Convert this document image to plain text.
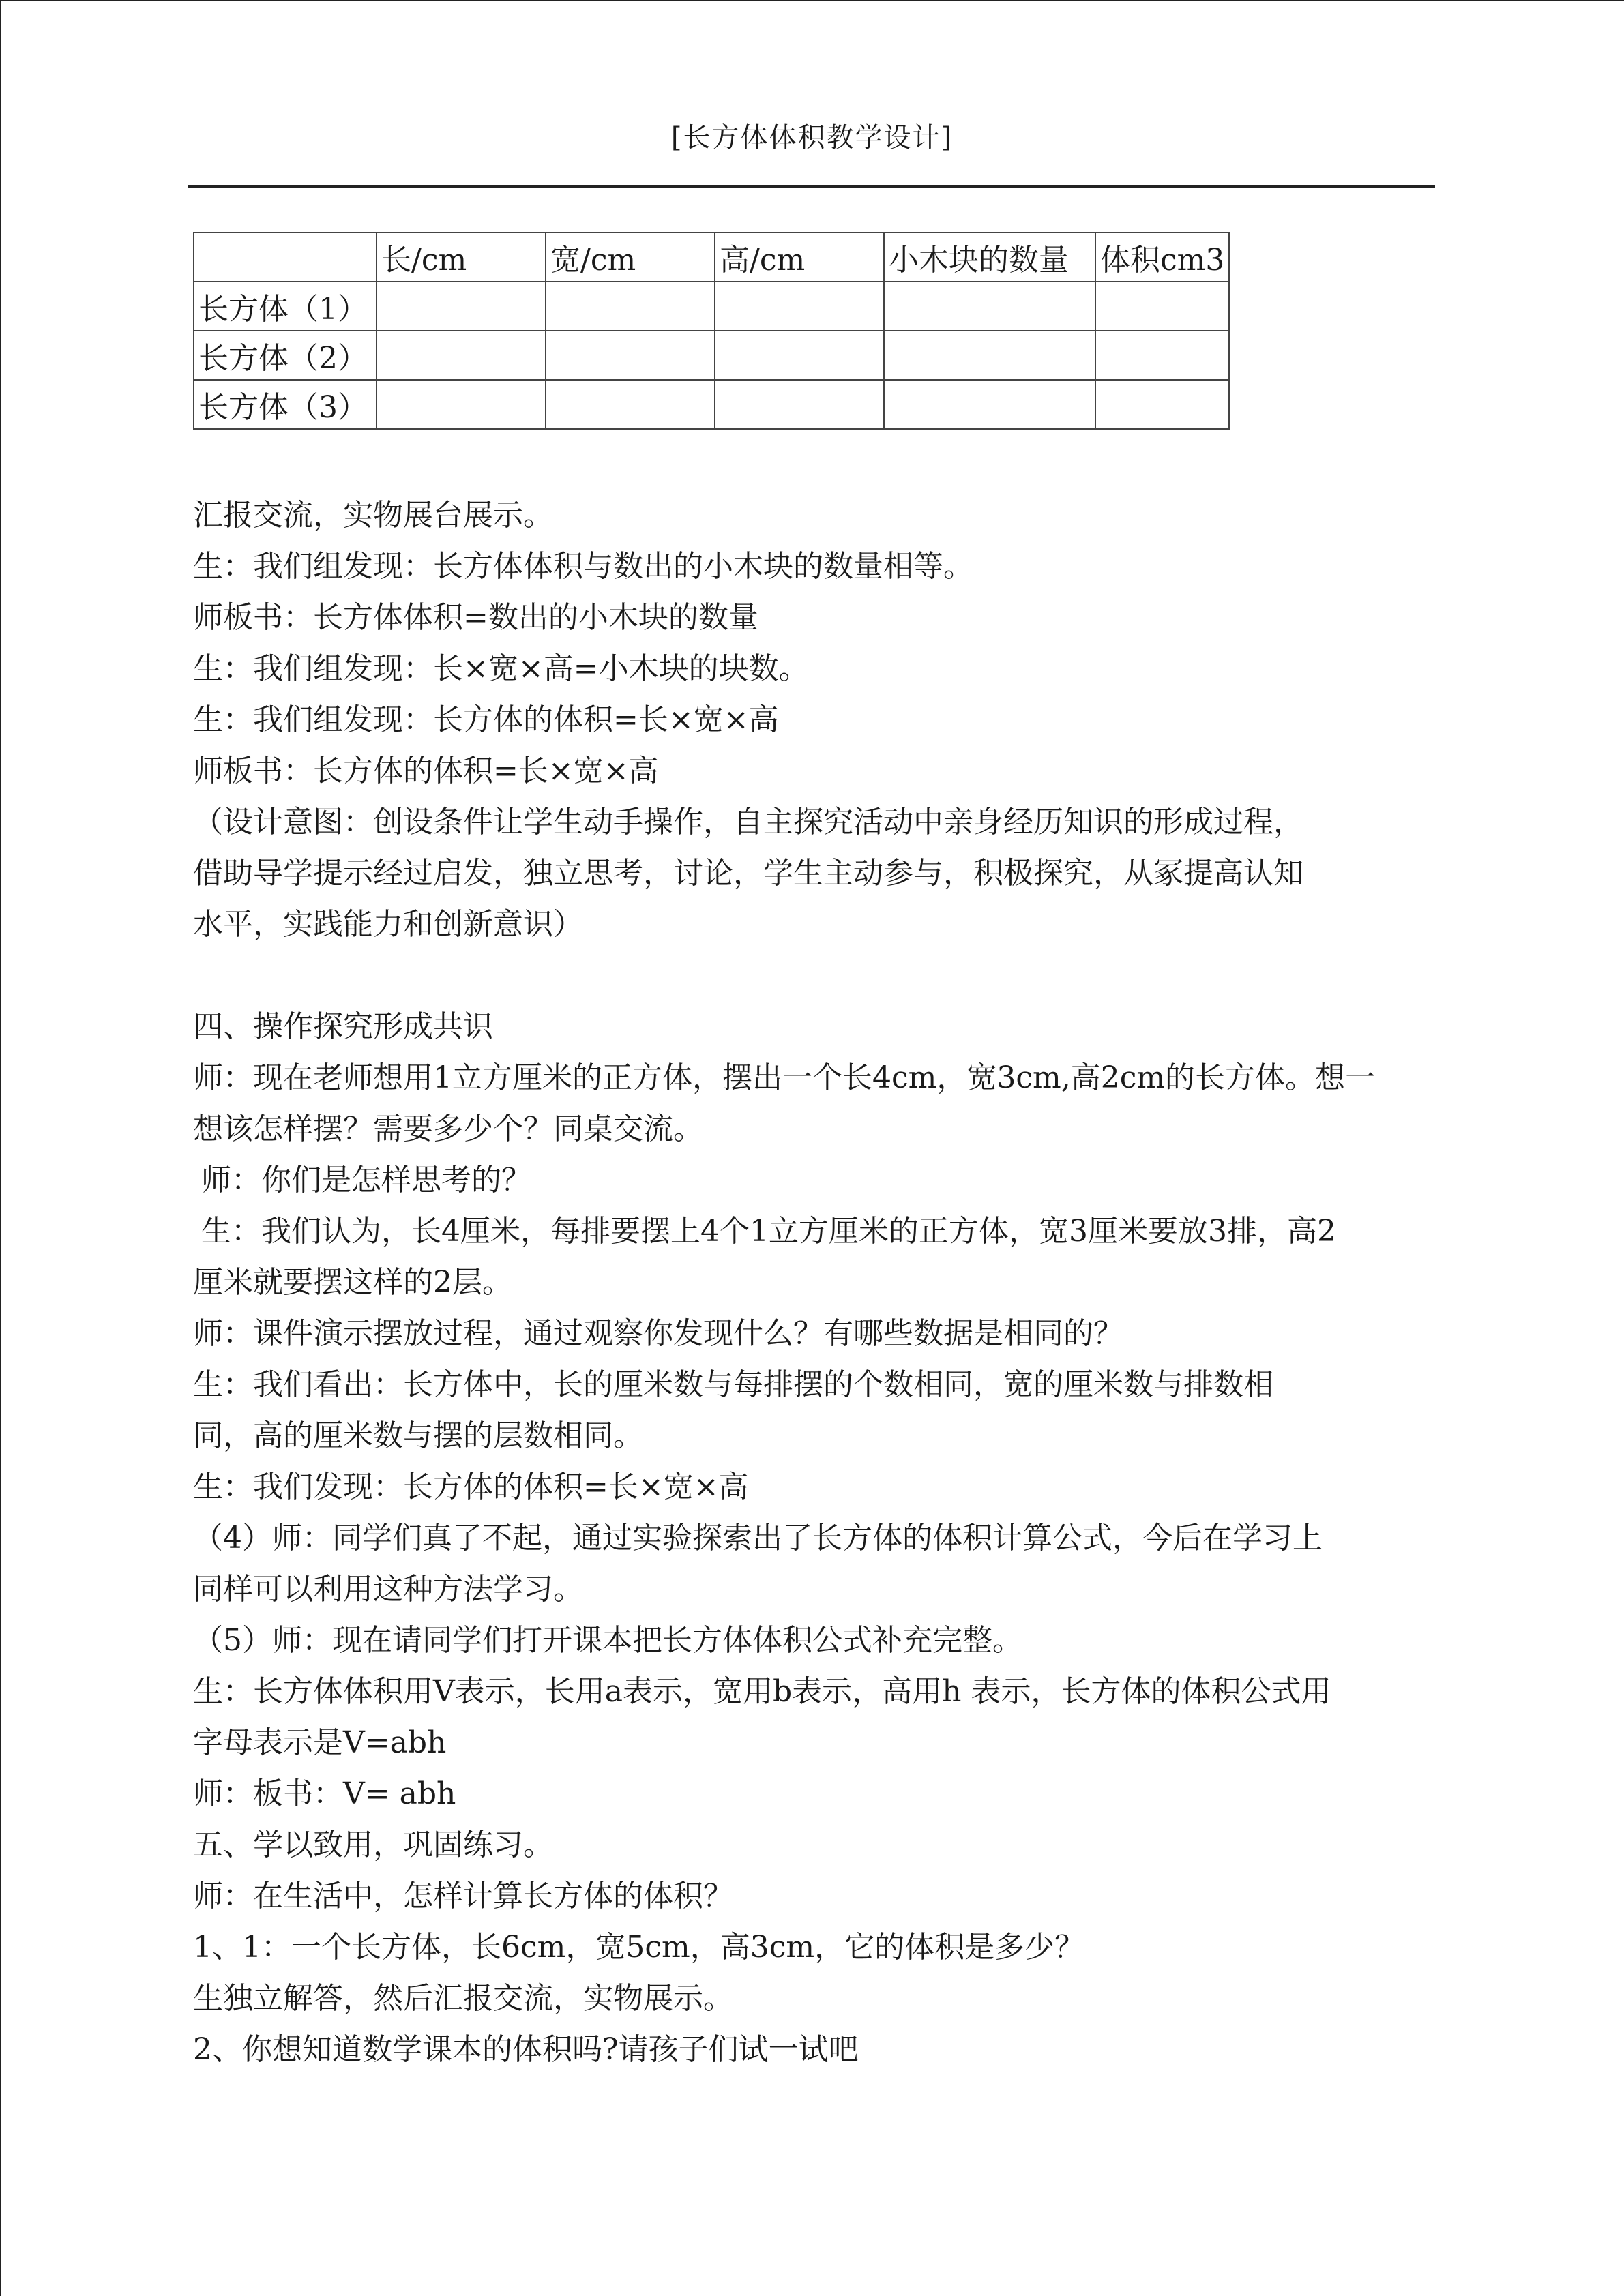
[长方体体积教学设计]
	长/cm	宽/cm	高/cm	小木块的数量	体积cm3
长方体（1）					
长方体（2）					
长方体（3）					

汇报交流，实物展台展示。

生：我们组发现：长方体体积与数出的小木块的数量相等。

师板书：长方体体积=数出的小木块的数量

生：我们组发现：长×宽×高=小木块的块数。

生：我们组发现：长方体的体积=长×宽×高

师板书：长方体的体积=长×宽×高

（设计意图：创设条件让学生动手操作，自主探究活动中亲身经历知识的形成过程，

借助导学提示经过启发，独立思考，讨论，学生主动参与，积极探究，从冢提高认知

水平，实践能力和创新意识）

四、操作探究形成共识

师：现在老师想用1立方厘米的正方体，摆出一个长4cm，宽3cm,高2cm的长方体。想一

想该怎样摆？需要多少个？同桌交流。

师：你们是怎样思考的？

生：我们认为，长4厘米，每排要摆上4个1立方厘米的正方体，宽3厘米要放3排，高2

厘米就要摆这样的2层。

师：课件演示摆放过程，通过观察你发现什么？有哪些数据是相同的？

生：我们看出：长方体中，长的厘米数与每排摆的个数相同，宽的厘米数与排数相

同，高的厘米数与摆的层数相同。

生：我们发现：长方体的体积=长×宽×高

（4）师：同学们真了不起，通过实验探索出了长方体的体积计算公式，今后在学习上

同样可以利用这种方法学习。

（5）师：现在请同学们打开课本把长方体体积公式补充完整。

生：长方体体积用V表示，长用a表示，宽用b表示，高用h 表示，长方体的体积公式用

字母表示是V=abh

师：板书：V= abh

五、学以致用，巩固练习。

师：在生活中，怎样计算长方体的体积？

1、1：一个长方体，长6cm，宽5cm，高3cm，它的体积是多少？

生独立解答，然后汇报交流，实物展示。

2、你想知道数学课本的体积吗?请孩子们试一试吧
